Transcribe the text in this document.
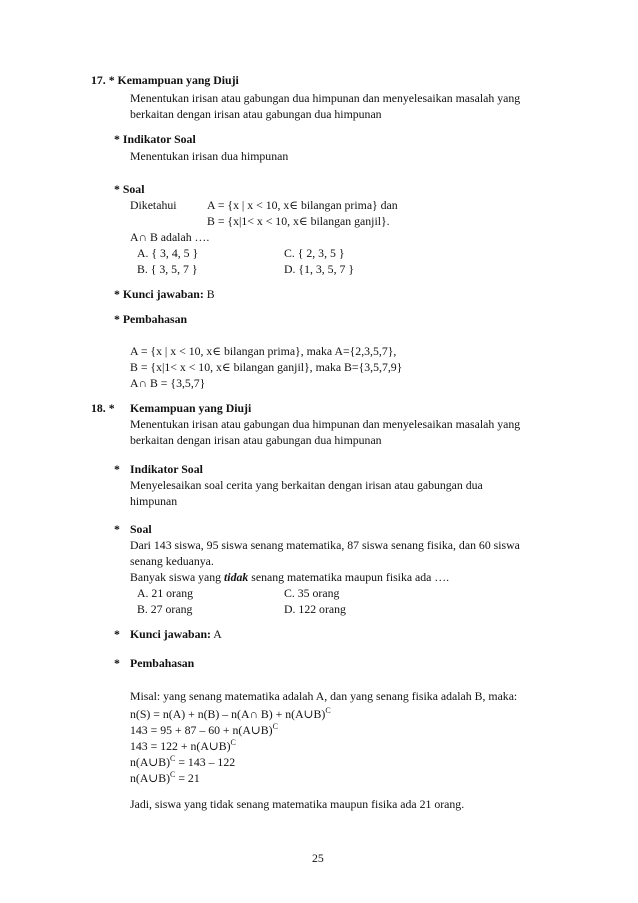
17. * Kemampuan yang Diuji
Menentukan irisan atau gabungan dua himpunan dan menyelesaikan masalah yang
berkaitan dengan irisan atau gabungan dua himpunan
* Indikator Soal
Menentukan irisan dua himpunan
* Soal
Diketahui	A = {x | x < 10, x∈ bilangan prima} dan
B = {x|1< x < 10, x∈ bilangan ganjil}.
A∩ B adalah ….
A. { 3, 4, 5 }	C. { 2, 3, 5 }
B. { 3, 5, 7 }	D. {1, 3, 5, 7 }
* Kunci jawaban: B
* Pembahasan
A = {x | x < 10, x∈ bilangan prima}, maka A={2,3,5,7},
B = {x|1< x < 10, x∈ bilangan ganjil}, maka B={3,5,7,9}
A∩ B = {3,5,7}
18. * Kemampuan yang Diuji
Menentukan irisan atau gabungan dua himpunan dan menyelesaikan masalah yang
berkaitan dengan irisan atau gabungan dua himpunan
* Indikator Soal
Menyelesaikan soal cerita yang berkaitan dengan irisan atau gabungan dua
himpunan
* Soal
Dari 143 siswa, 95 siswa senang matematika, 87 siswa senang fisika, dan 60 siswa
senang keduanya.
Banyak siswa yang tidak senang matematika maupun fisika ada ….
A. 21 orang	C. 35 orang
B. 27 orang	D. 122 orang
* Kunci jawaban: A
* Pembahasan
Misal: yang senang matematika adalah A, dan yang senang fisika adalah B, maka:
n(S) = n(A) + n(B) – n(A∩ B) + n(A∪B)$^C$
143 = 95 + 87 – 60 + n(A∪B)$^C$
143 = 122 + n(A∪B)$^C$
n(A∪B)$^C$ = 143 – 122
n(A∪B)$^C$ = 21
Jadi, siswa yang tidak senang matematika maupun fisika ada 21 orang.
25
